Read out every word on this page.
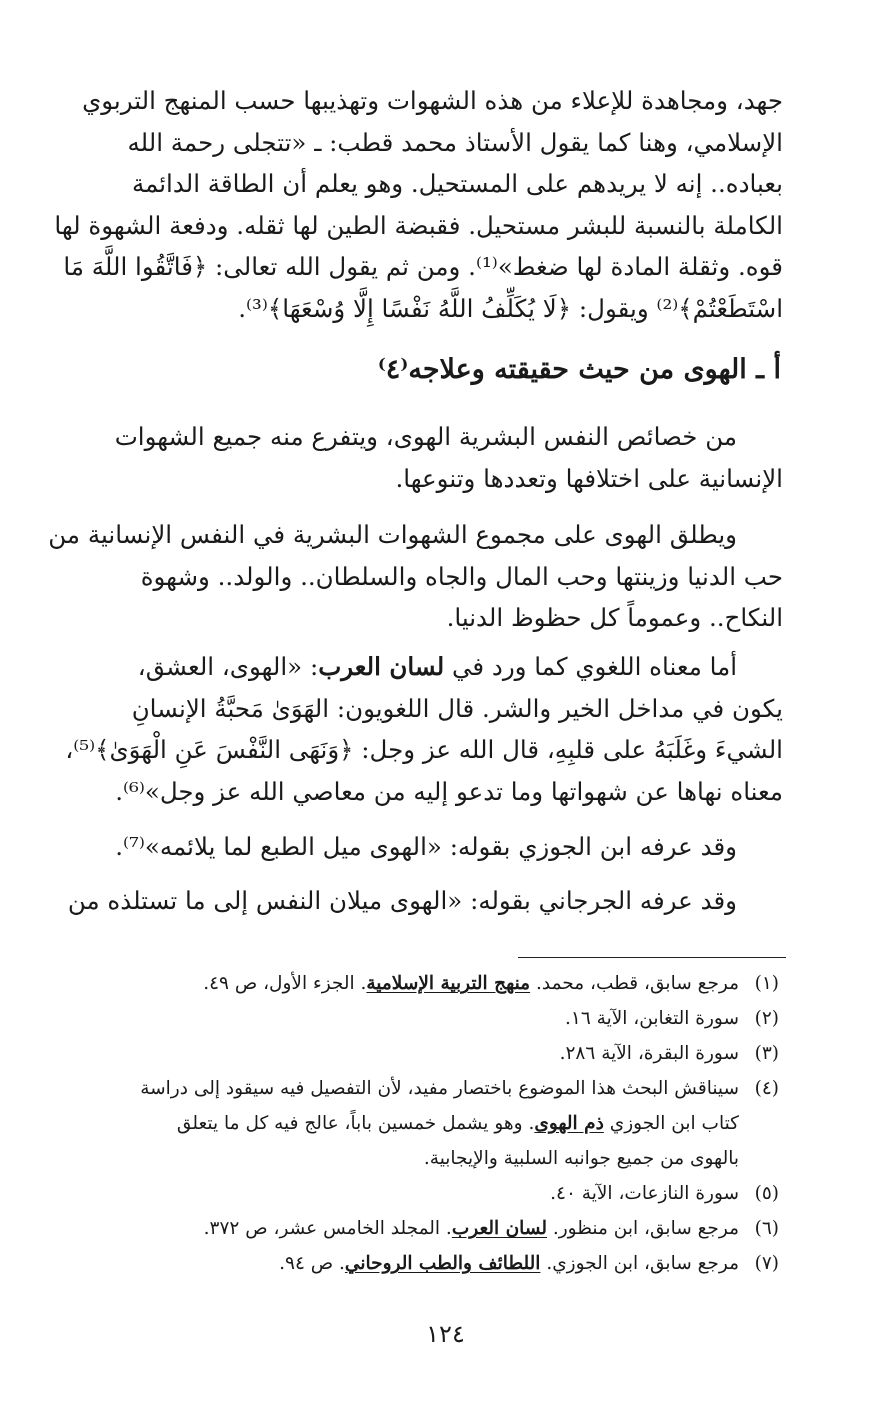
جهد، ومجاهدة للإعلاء من هذه الشهوات وتهذيبها حسب المنهج التربوي
الإسلامي، وهنا كما يقول الأستاذ محمد قطب: ـ «تتجلى رحمة الله
بعباده.. إنه لا يريدهم على المستحيل. وهو يعلم أن الطاقة الدائمة
الكاملة بالنسبة للبشر مستحيل. فقبضة الطين لها ثقله. ودفعة الشهوة لها
قوه. وثقلة المادة لها ضغط»⁽¹⁾. ومن ثم يقول الله تعالى: ﴿فَاتَّقُوا اللَّهَ مَا
اسْتَطَعْتُمْ﴾⁽²⁾ ويقول: ﴿لَا يُكَلِّفُ اللَّهُ نَفْسًا إِلَّا وُسْعَهَا﴾⁽³⁾.
أ ـ الهوى من حيث حقيقته وعلاجه⁽٤⁾
من خصائص النفس البشرية الهوى، ويتفرع منه جميع الشهوات
الإنسانية على اختلافها وتعددها وتنوعها.
ويطلق الهوى على مجموع الشهوات البشرية في النفس الإنسانية من
حب الدنيا وزينتها وحب المال والجاه والسلطان.. والولد.. وشهوة
النكاح.. وعموماً كل حظوظ الدنيا.
أما معناه اللغوي كما ورد في لسان العرب: «الهوى، العشق،
يكون في مداخل الخير والشر. قال اللغويون: الهَوَىٰ مَحبَّةُ الإنسانِ
الشيءَ وغَلَبَهُ على قلبِهِ، قال الله عز وجل: ﴿وَنَهَى النَّفْسَ عَنِ الْهَوَىٰ﴾⁽⁵⁾،
معناه نهاها عن شهواتها وما تدعو إليه من معاصي الله عز وجل»⁽⁶⁾.
وقد عرفه ابن الجوزي بقوله: «الهوى ميل الطبع لما يلائمه»⁽⁷⁾.
وقد عرفه الجرجاني بقوله: «الهوى ميلان النفس إلى ما تستلذه من
(١)
مرجع سابق، قطب، محمد. منهج التربية الإسلامية. الجزء الأول، ص ٤٩.
(٢)
سورة التغابن، الآية ١٦.
(٣)
سورة البقرة، الآية ٢٨٦.
(٤)
سيناقش البحث هذا الموضوع باختصار مفيد، لأن التفصيل فيه سيقود إلى دراسة
كتاب ابن الجوزي ذم الهوى. وهو يشمل خمسين باباً، عالج فيه كل ما يتعلق
بالهوى من جميع جوانبه السلبية والإيجابية.
(٥)
سورة النازعات، الآية ٤٠.
(٦)
مرجع سابق، ابن منظور. لسان العرب. المجلد الخامس عشر، ص ٣٧٢.
(٧)
مرجع سابق، ابن الجوزي. اللطائف والطب الروحاني. ص ٩٤.
١٢٤
